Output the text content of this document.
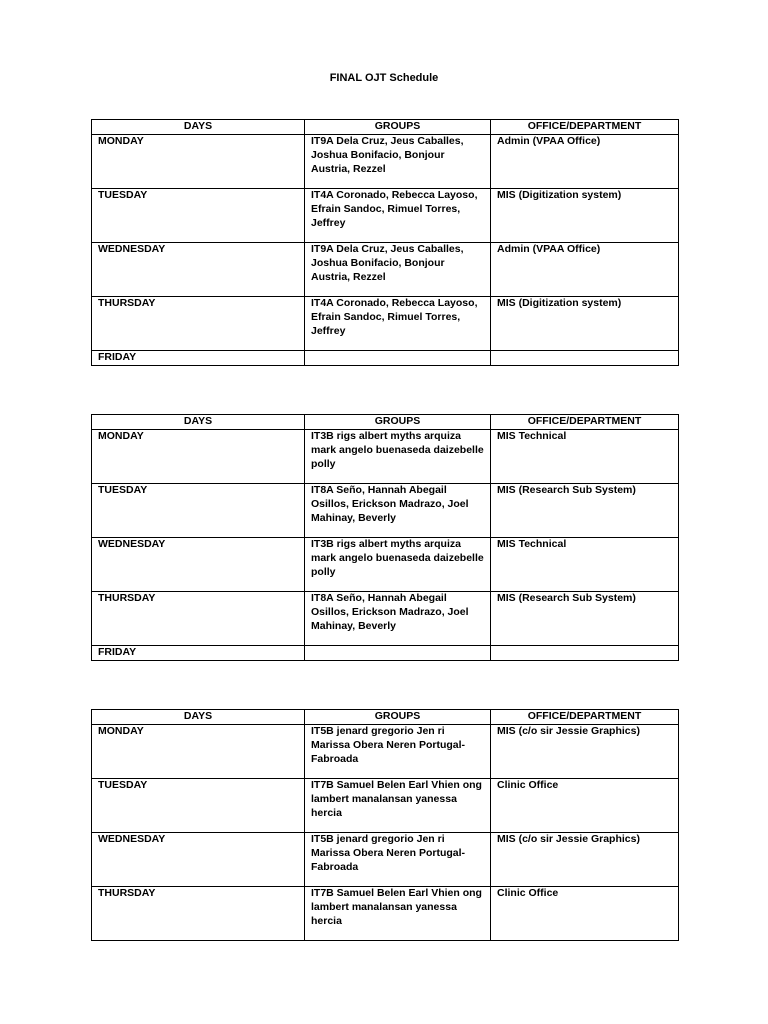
FINAL OJT Schedule
DAYS	GROUPS	OFFICE/DEPARTMENT
MONDAY	IT9A Dela Cruz, Jeus Caballes, Joshua Bonifacio, Bonjour Austria, Rezzel	Admin (VPAA Office)
TUESDAY	IT4A Coronado, Rebecca Layoso, Efrain Sandoc, Rimuel Torres, Jeffrey	MIS (Digitization system)
WEDNESDAY	IT9A Dela Cruz, Jeus Caballes, Joshua Bonifacio, Bonjour Austria, Rezzel	Admin (VPAA Office)
THURSDAY	IT4A Coronado, Rebecca Layoso, Efrain Sandoc, Rimuel Torres, Jeffrey	MIS (Digitization system)
FRIDAY		
DAYS	GROUPS	OFFICE/DEPARTMENT
MONDAY	IT3B rigs albert myths arquiza mark angelo buenaseda daizebelle polly	MIS Technical
TUESDAY	IT8A Seño, Hannah Abegail Osillos, Erickson Madrazo, Joel Mahinay, Beverly	MIS (Research Sub System)
WEDNESDAY	IT3B rigs albert myths arquiza mark angelo buenaseda daizebelle polly	MIS Technical
THURSDAY	IT8A Seño, Hannah Abegail Osillos, Erickson Madrazo, Joel Mahinay, Beverly	MIS (Research Sub System)
FRIDAY		
DAYS	GROUPS	OFFICE/DEPARTMENT
MONDAY	IT5B jenard gregorio Jen ri Marissa Obera Neren Portugal-Fabroada	MIS (c/o sir Jessie Graphics)
TUESDAY	IT7B Samuel Belen Earl Vhien ong lambert manalansan yanessa hercia	Clinic Office
WEDNESDAY	IT5B jenard gregorio Jen ri Marissa Obera Neren Portugal-Fabroada	MIS (c/o sir Jessie Graphics)
THURSDAY	IT7B Samuel Belen Earl Vhien ong lambert manalansan yanessa hercia	Clinic Office
